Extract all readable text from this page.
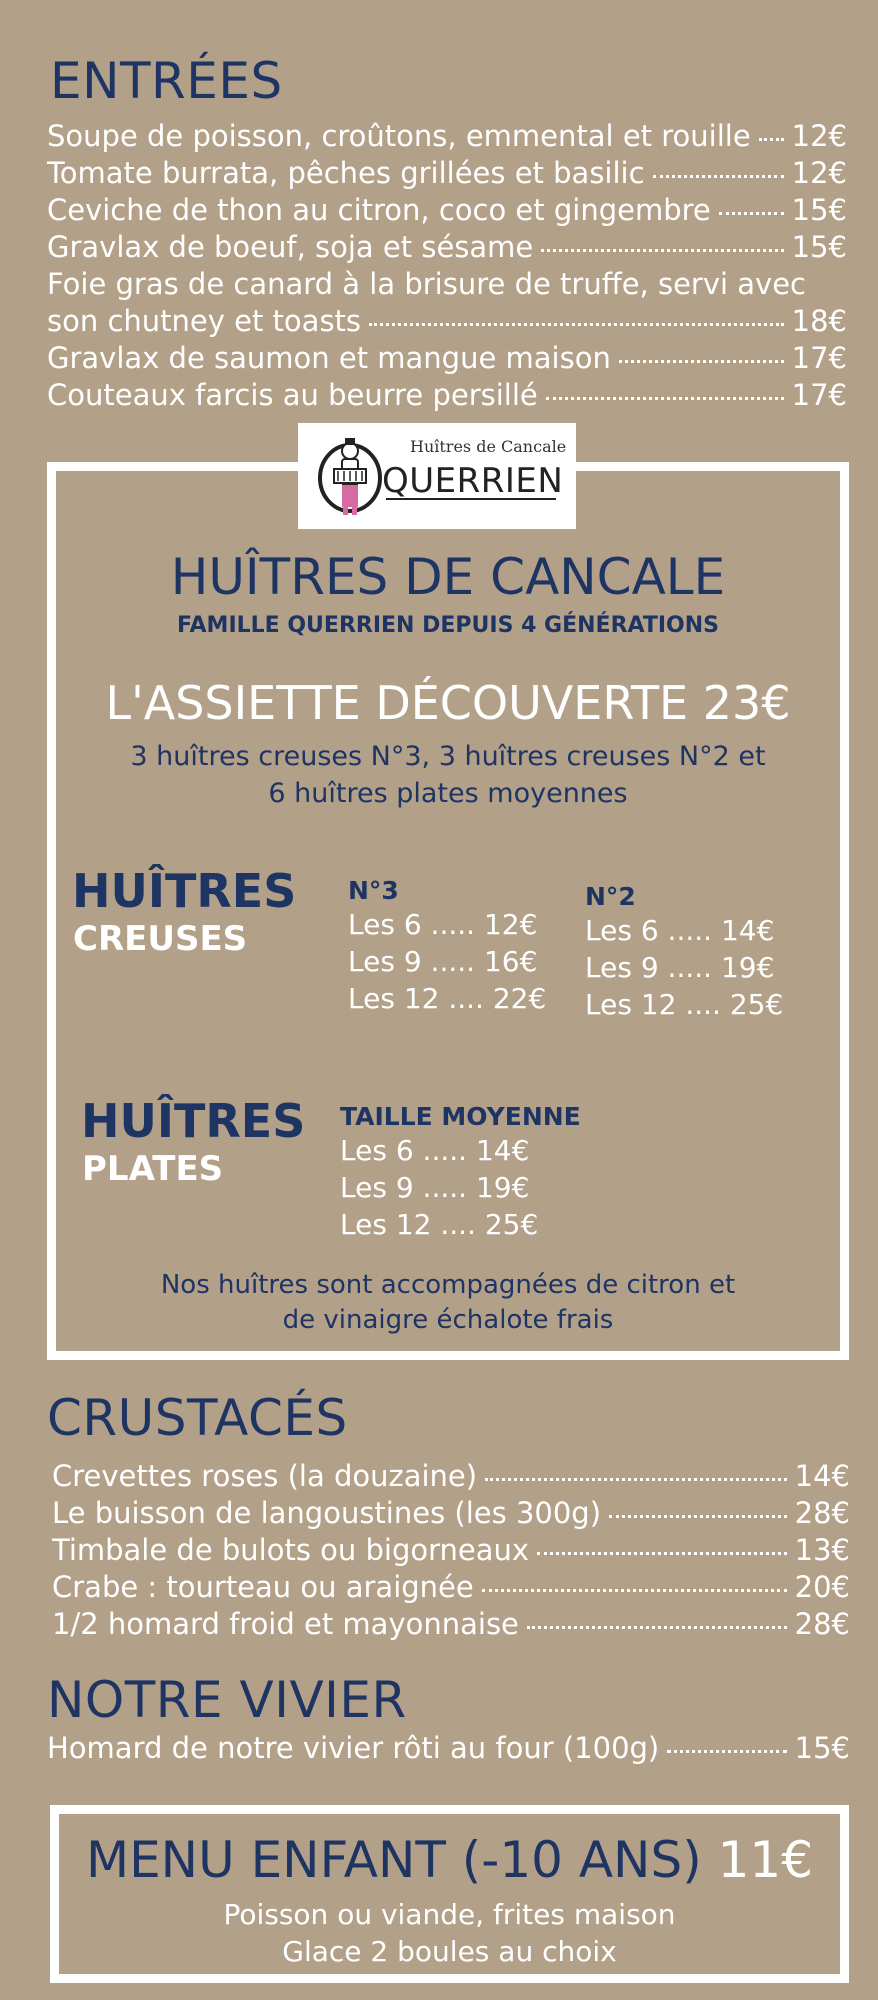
ENTRÉES
Soupe de poisson, croûtons, emmental et rouille 12€
Tomate burrata, pêches grillées et basilic	12€
Ceviche de thon au citron, coco et gingembre	15€
Gravlax de boeuf, soja et sésame	15€
Foie gras de canard à la brisure de truffe, servi avec
son chutney et toasts	18€
Gravlax de saumon et mangue maison	17€
Couteaux farcis au beurre persillé	17€
Huîtres de Cancale
QUERRIEN
HUÎTRES DE CANCALE
FAMILLE QUERRIEN DEPUIS 4 GÉNÉRATIONS
L'ASSIETTE DÉCOUVERTE 23€
3 huîtres creuses N°3, 3 huîtres creuses N°2 et
6 huîtres plates moyennes
HUÎTRES
CREUSES
N°3
Les 6 ..... 12€
Les 9 ..... 16€
Les 12 .... 22€
N°2
Les 6 ..... 14€
Les 9 ..... 19€
Les 12 .... 25€
HUÎTRES
PLATES
TAILLE MOYENNE
Les 6 ..... 14€
Les 9 ..... 19€
Les 12 .... 25€
Nos huîtres sont accompagnées de citron et
de vinaigre échalote frais
CRUSTACÉS
Crevettes roses (la douzaine)	14€
Le buisson de langoustines (les 300g)	28€
Timbale de bulots ou bigorneaux	13€
Crabe : tourteau ou araignée	20€
1/2 homard froid et mayonnaise	28€
NOTRE VIVIER
Homard de notre vivier rôti au four (100g)	15€
MENU ENFANT (-10 ANS) 11€
Poisson ou viande, frites maison
Glace 2 boules au choix
